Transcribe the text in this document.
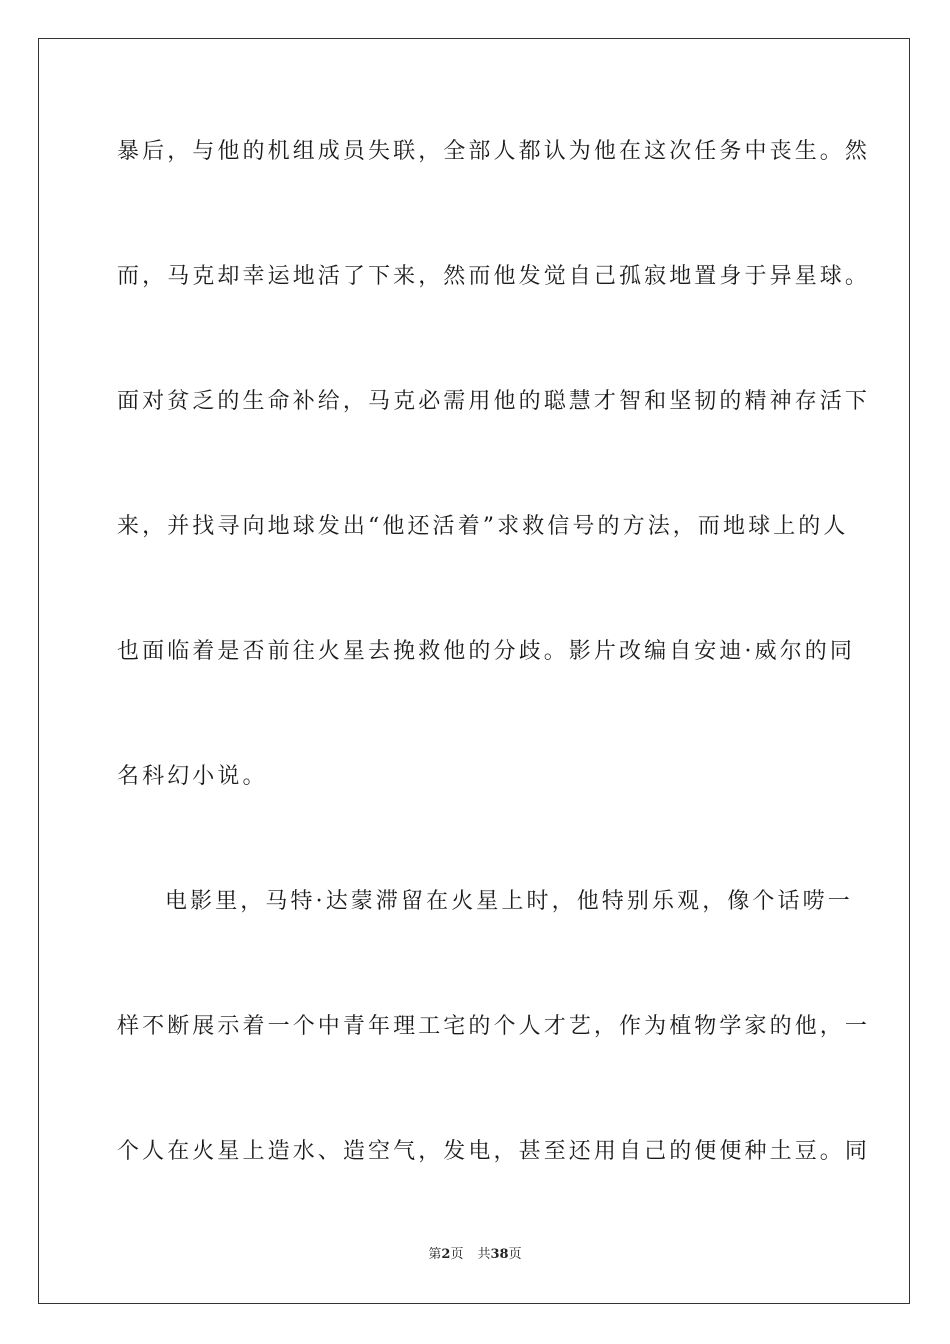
暴后，与他的机组成员失联，全部人都认为他在这次任务中丧生。然
而，马克却幸运地活了下来，然而他发觉自己孤寂地置身于异星球。
面对贫乏的生命补给，马克必需用他的聪慧才智和坚韧的精神存活下
来，并找寻向地球发出“他还活着”求救信号的方法，而地球上的人
也面临着是否前往火星去挽救他的分歧。影片改编自安迪·威尔的同
名科幻小说。
电影里，马特·达蒙滞留在火星上时，他特别乐观，像个话唠一
样不断展示着一个中青年理工宅的个人才艺，作为植物学家的他，一
个人在火星上造水、造空气，发电，甚至还用自己的便便种土豆。同
第2页 共38页
